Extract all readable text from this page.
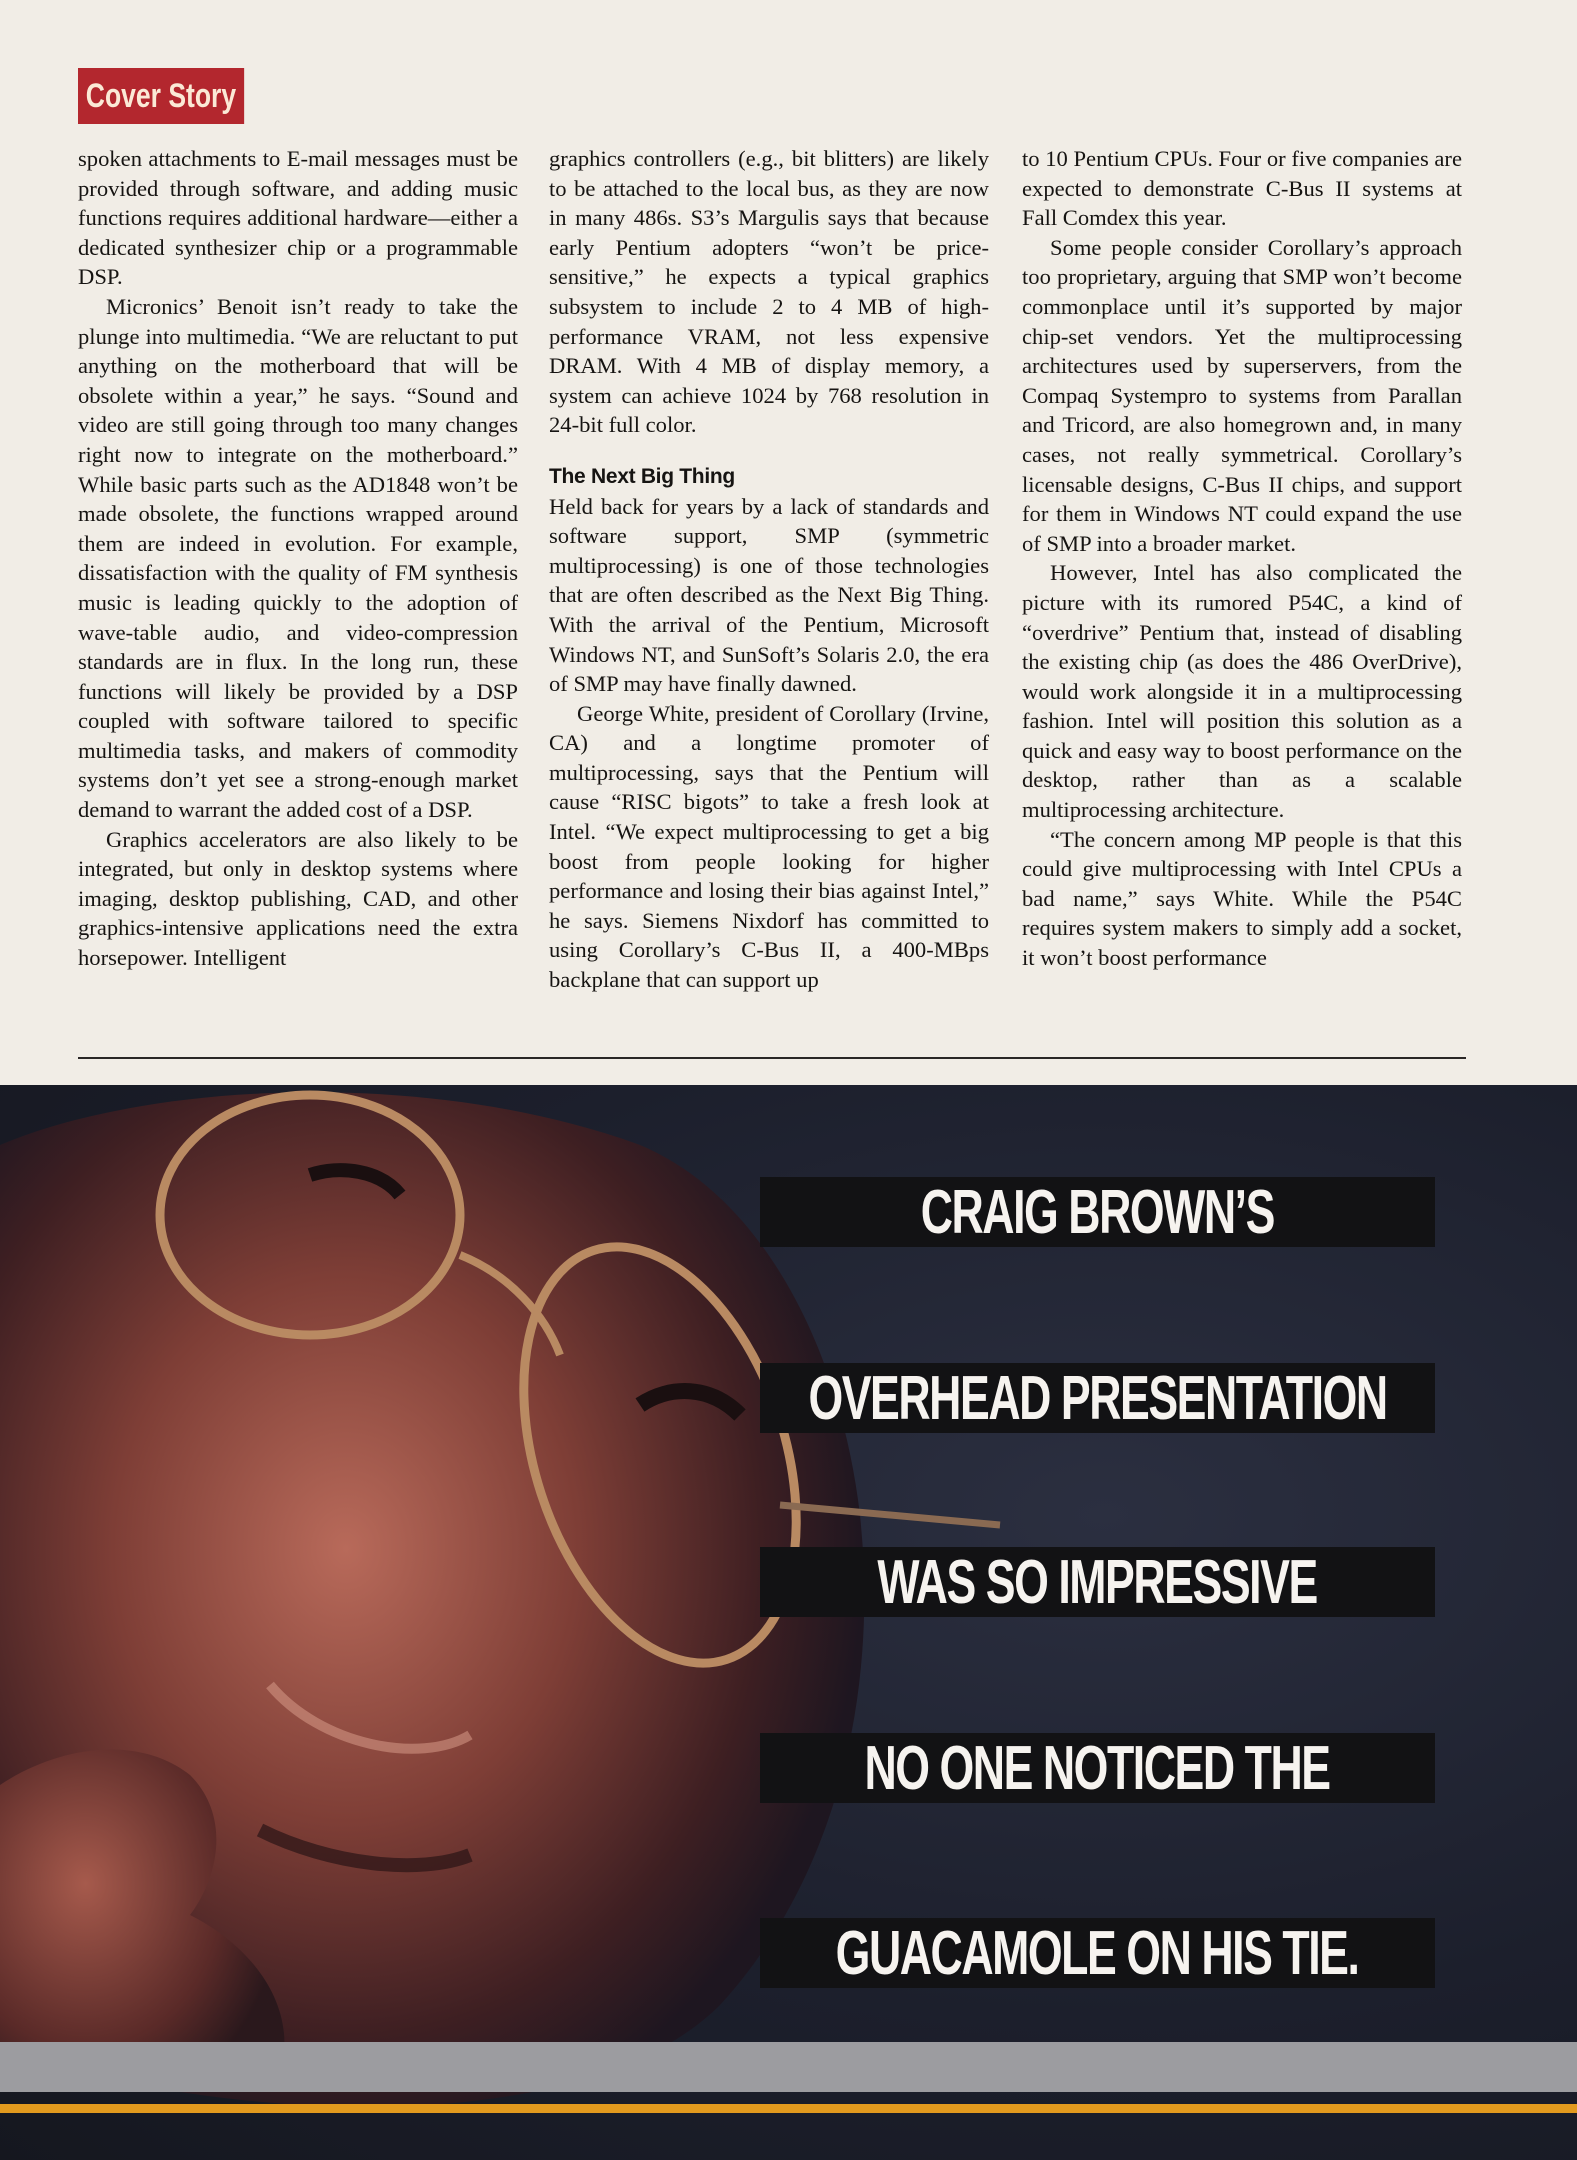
Cover Story

spoken attachments to E-mail messages must be provided through software, and adding music functions requires additional hardware—either a dedicated synthesizer chip or a programmable DSP.

Micronics’ Benoit isn’t ready to take the plunge into multimedia. “We are reluctant to put anything on the motherboard that will be obsolete within a year,” he says. “Sound and video are still going through too many changes right now to integrate on the motherboard.” While basic parts such as the AD1848 won’t be made obsolete, the functions wrapped around them are indeed in evolution. For example, dissatisfaction with the quality of FM synthesis music is leading quickly to the adoption of wave-table audio, and video-compression standards are in flux. In the long run, these functions will likely be provided by a DSP coupled with software tailored to specific multimedia tasks, and makers of commodity systems don’t yet see a strong-enough market demand to warrant the added cost of a DSP.

Graphics accelerators are also likely to be integrated, but only in desktop systems where imaging, desktop publishing, CAD, and other graphics-intensive applications need the extra horsepower. Intelligent

graphics controllers (e.g., bit blitters) are likely to be attached to the local bus, as they are now in many 486s. S3’s Margulis says that because early Pentium adopters “won’t be price-sensitive,” he expects a typical graphics subsystem to include 2 to 4 MB of high-performance VRAM, not less expensive DRAM. With 4 MB of display memory, a system can achieve 1024 by 768 resolution in 24-bit full color.

The Next Big Thing

Held back for years by a lack of standards and software support, SMP (symmetric multiprocessing) is one of those technologies that are often described as the Next Big Thing. With the arrival of the Pentium, Microsoft Windows NT, and SunSoft’s Solaris 2.0, the era of SMP may have finally dawned.

George White, president of Corollary (Irvine, CA) and a longtime promoter of multiprocessing, says that the Pentium will cause “RISC bigots” to take a fresh look at Intel. “We expect multiprocessing to get a big boost from people looking for higher performance and losing their bias against Intel,” he says. Siemens Nixdorf has committed to using Corollary’s C-Bus II, a 400-MBps backplane that can support up

to 10 Pentium CPUs. Four or five companies are expected to demonstrate C-Bus II systems at Fall Comdex this year.

Some people consider Corollary’s approach too proprietary, arguing that SMP won’t become commonplace until it’s supported by major chip-set vendors. Yet the multiprocessing architectures used by superservers, from the Compaq Systempro to systems from Parallan and Tricord, are also homegrown and, in many cases, not really symmetrical. Corollary’s licensable designs, C-Bus II chips, and support for them in Windows NT could expand the use of SMP into a broader market.

However, Intel has also complicated the picture with its rumored P54C, a kind of “overdrive” Pentium that, instead of disabling the existing chip (as does the 486 OverDrive), would work alongside it in a multiprocessing fashion. Intel will position this solution as a quick and easy way to boost performance on the desktop, rather than as a scalable multiprocessing architecture.

“The concern among MP people is that this could give multiprocessing with Intel CPUs a bad name,” says White. While the P54C requires system makers to simply add a socket, it won’t boost performance

CRAIG BROWN’S
OVERHEAD PRESENTATION
WAS SO IMPRESSIVE
NO ONE NOTICED THE
GUACAMOLE ON HIS TIE.
